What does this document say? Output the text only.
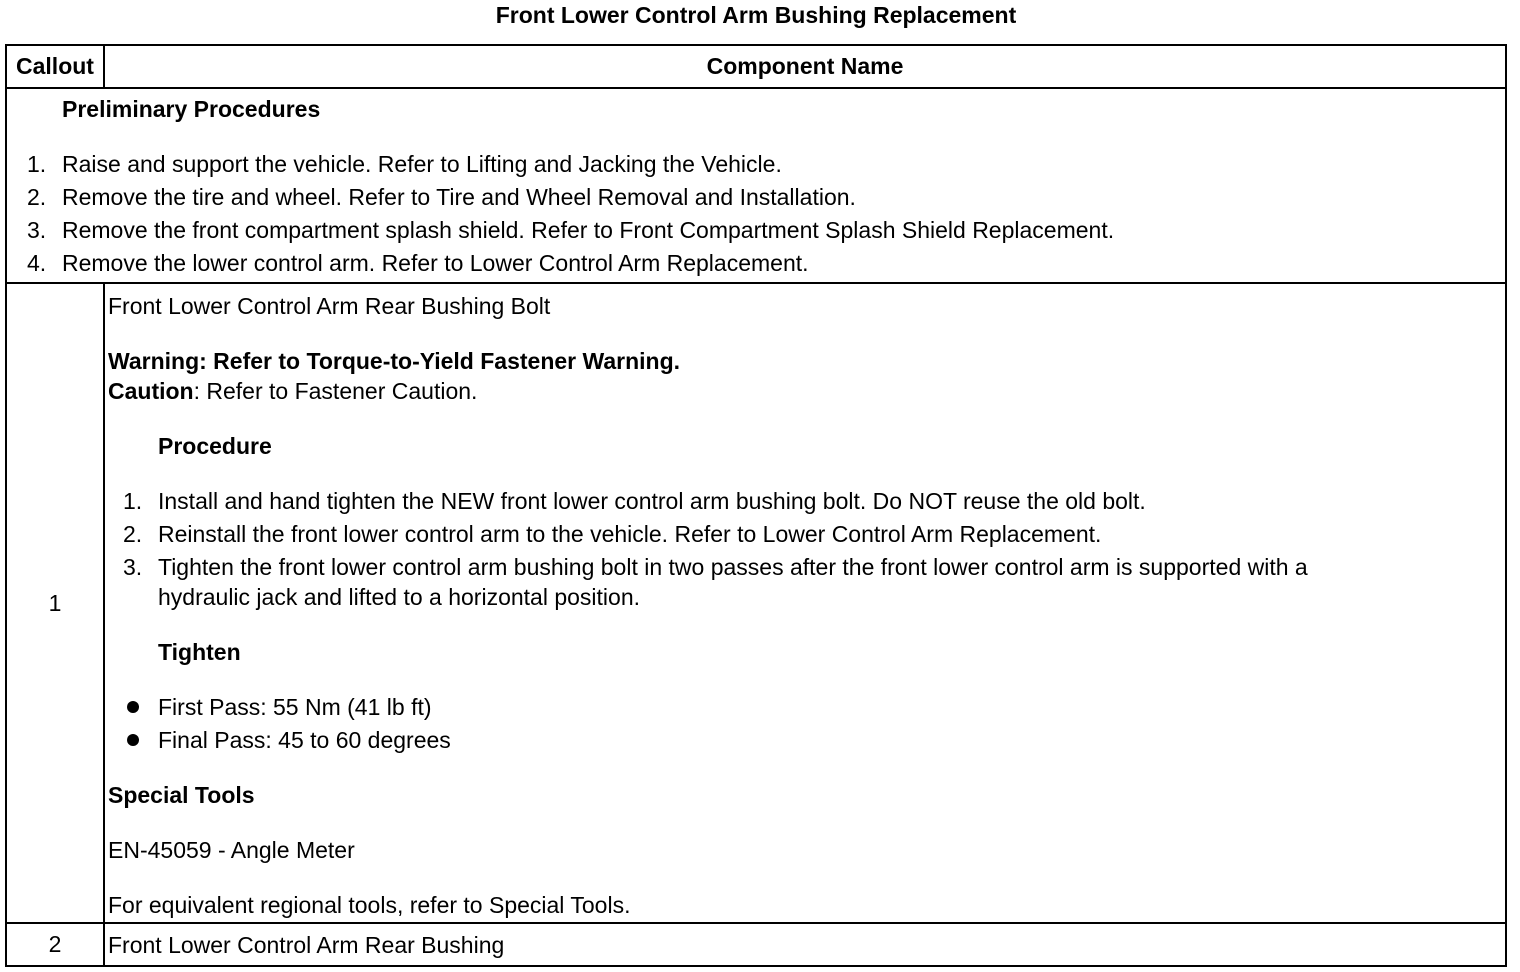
Front Lower Control Arm Bushing Replacement
Callout	Component Name
Preliminary Procedures
1. Raise and support the vehicle. Refer to Lifting and Jacking the Vehicle.
2. Remove the tire and wheel. Refer to Tire and Wheel Removal and Installation.
3. Remove the front compartment splash shield. Refer to Front Compartment Splash Shield Replacement.
4. Remove the lower control arm. Refer to Lower Control Arm Replacement.
1
Front Lower Control Arm Rear Bushing Bolt
Warning: Refer to Torque-to-Yield Fastener Warning.
Caution: Refer to Fastener Caution.
Procedure
1. Install and hand tighten the NEW front lower control arm bushing bolt. Do NOT reuse the old bolt.
2. Reinstall the front lower control arm to the vehicle. Refer to Lower Control Arm Replacement.
3. Tighten the front lower control arm bushing bolt in two passes after the front lower control arm is supported with a
hydraulic jack and lifted to a horizontal position.
Tighten
First Pass: 55 Nm (41 lb ft)
Final Pass: 45 to 60 degrees
Special Tools
EN-45059 - Angle Meter
For equivalent regional tools, refer to Special Tools.
2	Front Lower Control Arm Rear Bushing
